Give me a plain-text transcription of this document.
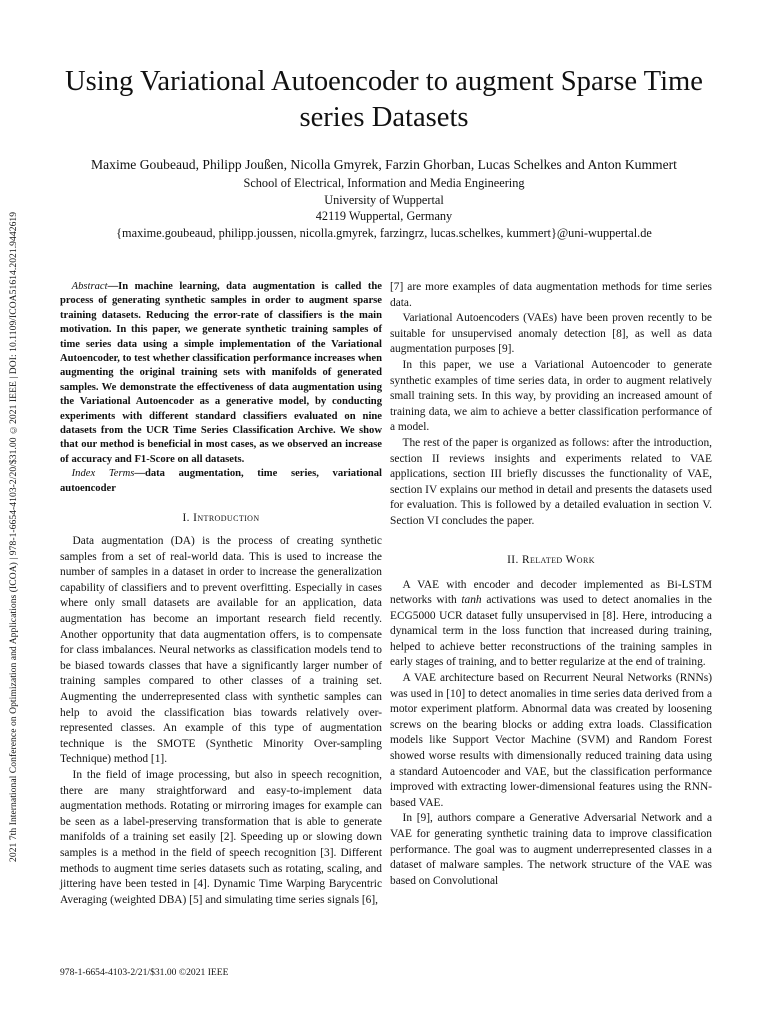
2021 7th International Conference on Optimization and Applications (ICOA) | 978-1-6654-4103-2/20/$31.00 ©2021 IEEE | DOI: 10.1109/ICOA51614.2021.9442619
Using Variational Autoencoder to augment Sparse Time series Datasets
Maxime Goubeaud, Philipp Joußen, Nicolla Gmyrek, Farzin Ghorban, Lucas Schelkes and Anton Kummert
School of Electrical, Information and Media Engineering
University of Wuppertal
42119 Wuppertal, Germany
{maxime.goubeaud, philipp.joussen, nicolla.gmyrek, farzingrz, lucas.schelkes, kummert}@uni-wuppertal.de

Abstract—In machine learning, data augmentation is called the process of generating synthetic samples in order to augment sparse training datasets. Reducing the error-rate of classifiers is the main motivation. In this paper, we generate synthetic training samples of time series data using a simple implementation of the Variational Autoencoder, to test whether classification performance increases when augmenting the original training sets with manifolds of generated samples. We demonstrate the effectiveness of data augmentation using the Variational Autoencoder as a generative model, by conducting experiments with different standard classifiers evaluated on nine datasets from the UCR Time Series Classification Archive. We show that our method is beneficial in most cases, as we observed an increase of accuracy and F1-Score on all datasets.

Index Terms—data augmentation, time series, variational autoencoder

I. Introduction

Data augmentation (DA) is the process of creating synthetic samples from a set of real-world data. This is used to increase the number of samples in a dataset in order to increase the generalization capability of classifiers and to prevent overfitting. Especially in cases where only small datasets are available for an application, data augmentation has become an important research field recently. Another opportunity that data augmentation offers, is to compensate for class imbalances. Neural networks as classification models tend to be biased towards classes that have a significantly larger number of training samples compared to other classes of a training set. Augmenting the underrepresented class with synthetic samples can help to avoid the classification bias towards relatively over-represented classes. An example of this type of augmentation technique is the SMOTE (Synthetic Minority Over-sampling Technique) method [1].

In the field of image processing, but also in speech recognition, there are many straightforward and easy-to-implement data augmentation methods. Rotating or mirroring images for example can be seen as a label-preserving transformation that is able to generate manifolds of a training set easily [2]. Speeding up or slowing down samples is a method in the field of speech recognition [3]. Different methods to augment time series datasets such as rotating, scaling, and jittering have been tested in [4]. Dynamic Time Warping Barycentric Averaging (weighted DBA) [5] and simulating time series signals [6],

[7] are more examples of data augmentation methods for time series data.

Variational Autoencoders (VAEs) have been proven recently to be suitable for unsupervised anomaly detection [8], as well as data augmentation purposes [9].

In this paper, we use a Variational Autoencoder to generate synthetic examples of time series data, in order to augment relatively small training sets. In this way, by providing an increased amount of training data, we aim to achieve a better classification performance of a model.

The rest of the paper is organized as follows: after the introduction, section II reviews insights and experiments related to VAE applications, section III briefly discusses the functionality of VAE, section IV explains our method in detail and presents the datasets used for evaluation. This is followed by a detailed evaluation in section V. Section VI concludes the paper.

II. Related Work

A VAE with encoder and decoder implemented as Bi-LSTM networks with tanh activations was used to detect anomalies in the ECG5000 UCR dataset fully unsupervised in [8]. Here, introducing a dynamical term in the loss function that increased during training, helped to achieve better reconstructions of the training samples in early stages of training, and to better regularize at the end of training.

A VAE architecture based on Recurrent Neural Networks (RNNs) was used in [10] to detect anomalies in time series data derived from a motor experiment platform. Abnormal data was created by loosening screws on the bearing blocks or adding extra loads. Classification models like Support Vector Machine (SVM) and Random Forest showed worse results with dimensionally reduced training data using a standard Autoencoder and VAE, but the classification performance improved with extracting lower-dimensional features using the RNN-based VAE.

In [9], authors compare a Generative Adversarial Network and a VAE for generating synthetic training data to improve classification performance. The goal was to augment underrepresented classes in a dataset of malware samples. The network structure of the VAE was based on Convolutional

978-1-6654-4103-2/21/$31.00 ©2021 IEEE
